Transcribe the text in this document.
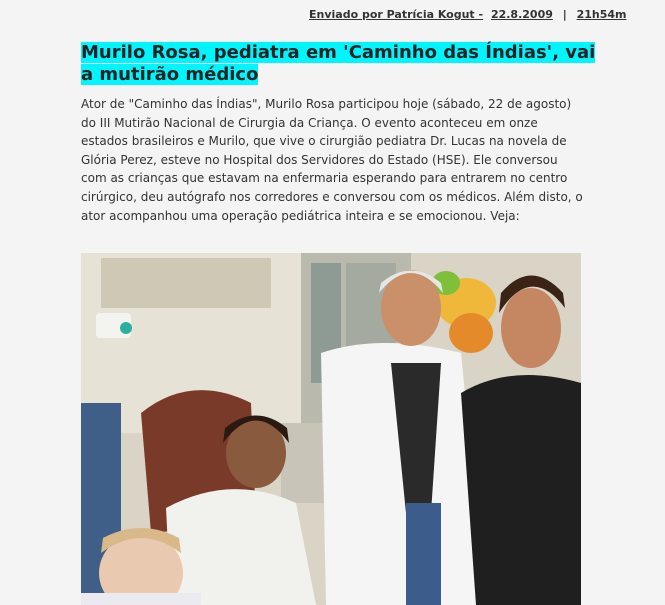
Enviado por Patrícia Kogut - 22.8.2009 | 21h54m
Murilo Rosa, pediatra em 'Caminho das Índias', vai a mutirão médico
Ator de "Caminho das Índias", Murilo Rosa participou hoje (sábado, 22 de agosto) do III Mutirão Nacional de Cirurgia da Criança. O evento aconteceu em onze estados brasileiros e Murilo, que vive o cirurgião pediatra Dr. Lucas na novela de Glória Perez, esteve no Hospital dos Servidores do Estado (HSE). Ele conversou com as crianças que estavam na enfermaria esperando para entrarem no centro cirúrgico, deu autógrafo nos corredores e conversou com os médicos. Além disto, o ator acompanhou uma operação pediátrica inteira e se emocionou. Veja:
